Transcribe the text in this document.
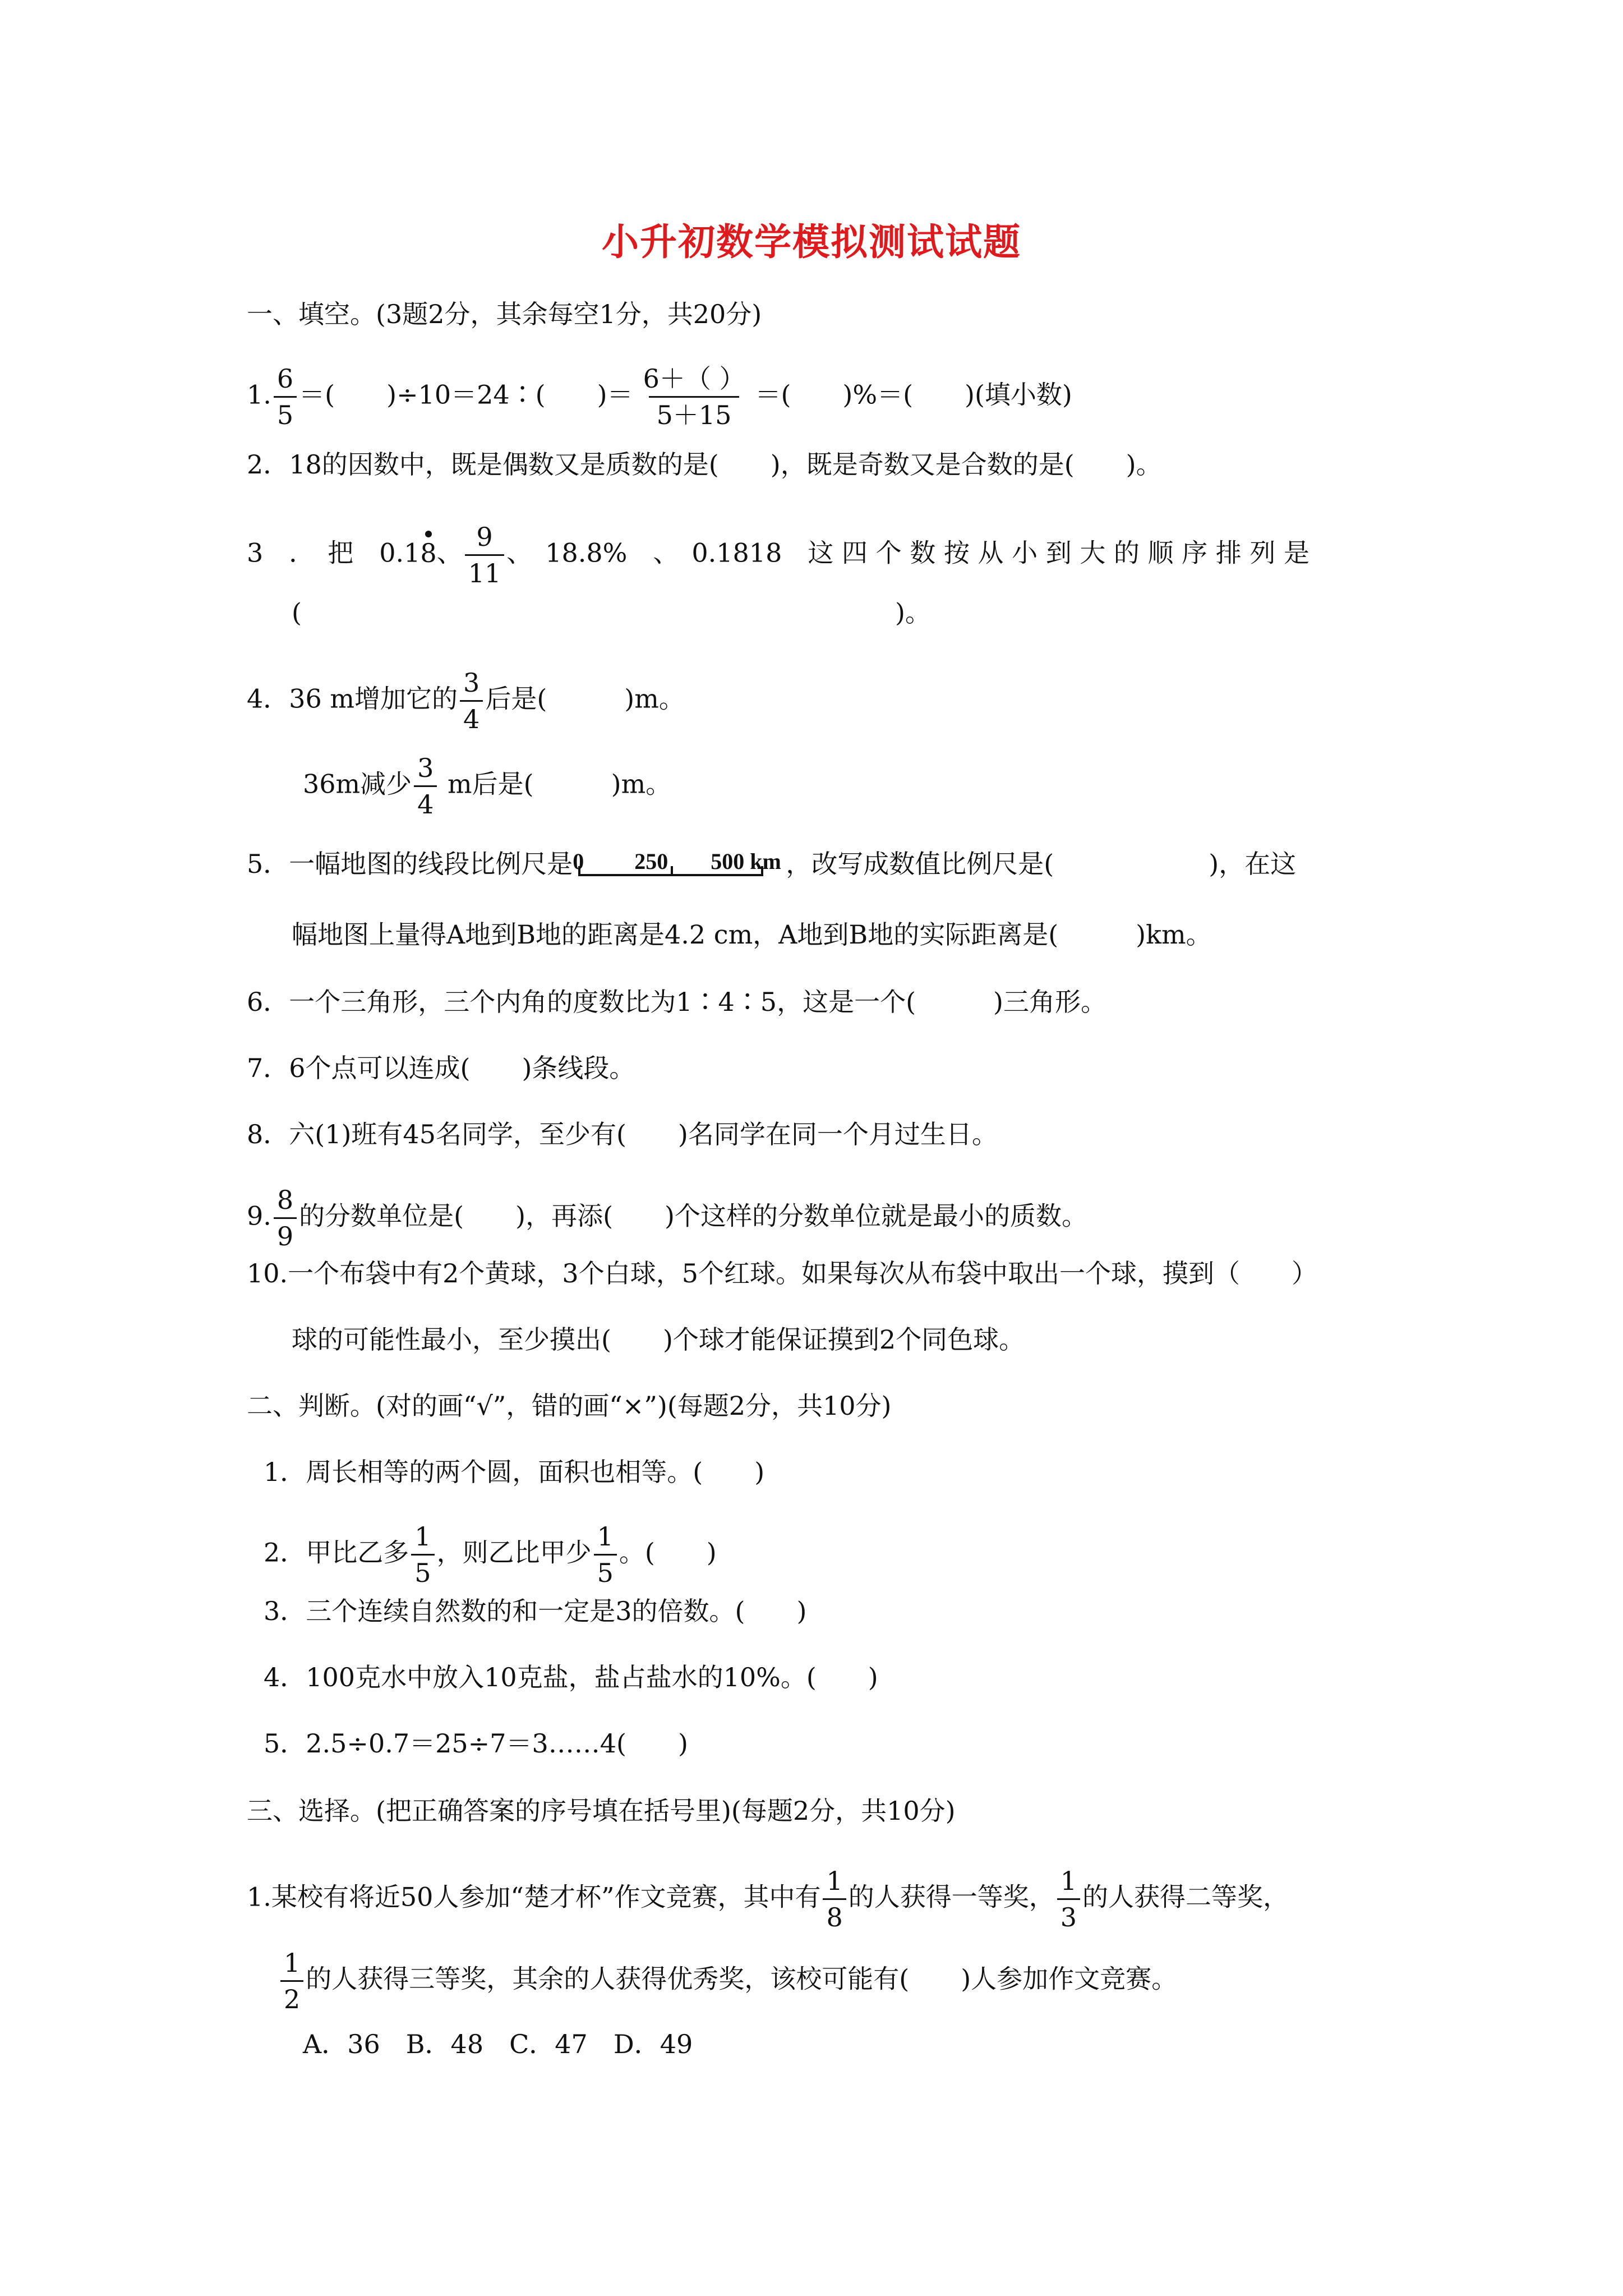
小升初数学模拟测试试题
一、填空。(3题2分，其余每空1分，共20分)
1. $\frac{6}{5}$ ＝(　　)÷10＝24∶(　　)＝ $\frac{6+( )}{5+15}$ ＝(　　)%＝(　　)(填小数)
2．18的因数中，既是偶数又是质数的是(　　)，既是奇数又是合数的是(　　)。
3　．　把　0.18、 $\frac{9}{11}$ 、　18.8%　、　0.1818　这 四 个 数 按 从 小 到 大 的 顺 序 排 列 是
(　　　　　　　　　　　　　　　　　　　　　　　)。
4．36 m增加它的 $\frac{3}{4}$ 后是(　　　)m。
36m减少 $\frac{3}{4}$ m后是(　　　)m。
5．一幅地图的线段比例尺是 0 250 500 km ，改写成数值比例尺是(　　　　　　)，在这
幅地图上量得A地到B地的距离是4.2 cm，A地到B地的实际距离是(　　　)km。
6．一个三角形，三个内角的度数比为1∶4∶5，这是一个(　　　)三角形。
7．6个点可以连成(　　)条线段。
8．六(1)班有45名同学，至少有(　　)名同学在同一个月过生日。
9. $\frac{8}{9}$ 的分数单位是(　　)，再添(　　)个这样的分数单位就是最小的质数。
10.一个布袋中有2个黄球，3个白球，5个红球。如果每次从布袋中取出一个球，摸到（　　）
球的可能性最小，至少摸出(　　)个球才能保证摸到2个同色球。
二、判断。(对的画“√”，错的画“×”)(每题2分，共10分)
1．周长相等的两个圆，面积也相等。(　　)
2．甲比乙多 $\frac{1}{5}$ ，则乙比甲少 $\frac{1}{5}$ 。(　　)
3．三个连续自然数的和一定是3的倍数。(　　)
4．100克水中放入10克盐，盐占盐水的10%。(　　)
5．2.5÷0.7＝25÷7＝3……4(　　)
三、选择。(把正确答案的序号填在括号里)(每题2分，共10分)
1.某校有将近50人参加“楚才杯”作文竞赛，其中有 $\frac{1}{8}$ 的人获得一等奖， $\frac{1}{3}$ 的人获得二等奖，
$\frac{1}{2}$ 的人获得三等奖，其余的人获得优秀奖，该校可能有(　　)人参加作文竞赛。
A．36　B．48　C．47　D．49
